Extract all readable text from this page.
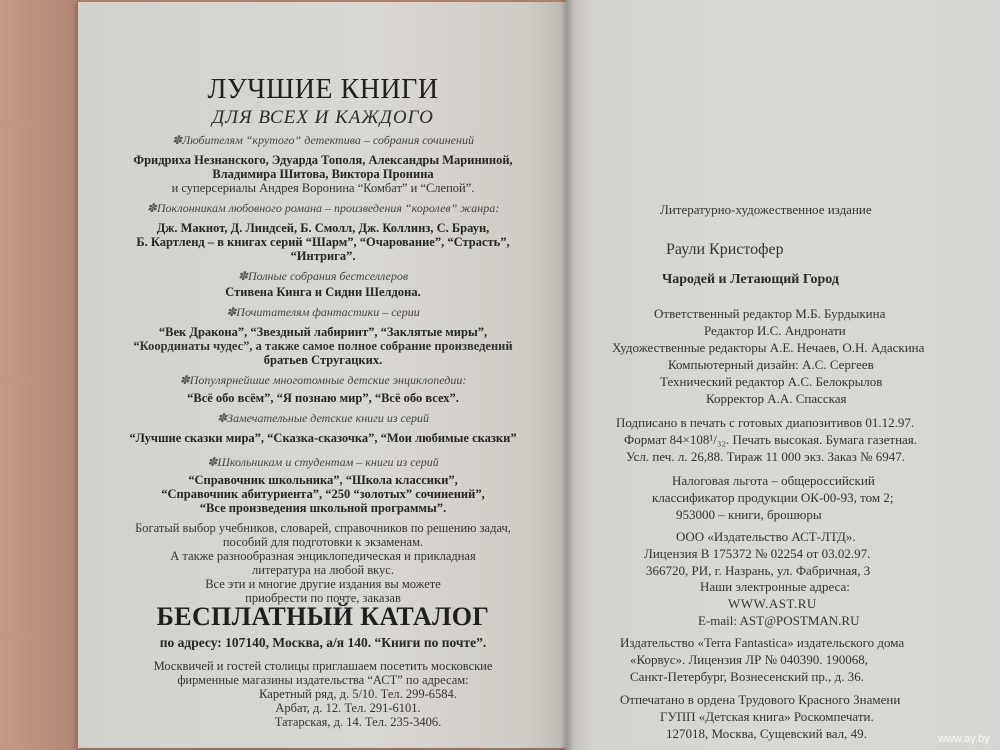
ЛУЧШИЕ КНИГИ
ДЛЯ ВСЕХ И КАЖДОГО
✽Любителям “крутого” детектива – собрания сочинений
Фридриха Незнанского, Эдуарда Тополя, Александры Марининой,
Владимира Шитова, Виктора Пронина
и суперсериалы Андрея Воронина “Комбат” и “Слепой”.
✽Поклонникам любовного романа – произведения “королев” жанра:
Дж. Макнот, Д. Линдсей, Б. Смолл, Дж. Коллинз, С. Браун,
Б. Картленд – в книгах серий “Шарм”, “Очарование”, “Страсть”,
“Интрига”.
✽Полные собрания бестселлеров
Стивена Кинга и Сидни Шелдона.
✽Почитателям фантастики – серии
“Век Дракона”, “Звездный лабиринт”, “Заклятые миры”,
“Координаты чудес”, а также самое полное собрание произведений
братьев Стругацких.
✽Популярнейшие многотомные детские энциклопедии:
“Всё обо всём”, “Я познаю мир”, “Всё обо всех”.
✽Замечательные детские книги из серий
“Лучшие сказки мира”, “Сказка-сказочка”, “Мои любимые сказки”
✽Школьникам и студентам – книги из серий
“Справочник школьника”, “Школа классики”,
“Справочник абитуриента”, “250 “золотых” сочинений”,
“Все произведения школьной программы”.
Богатый выбор учебников, словарей, справочников по решению задач,
пособий для подготовки к экзаменам.
А также разнообразная энциклопедическая и прикладная
литература на любой вкус.
Все эти и многие другие издания вы можете
приобрести по почте, заказав
БЕСПЛАТНЫЙ КАТАЛОГ
по адресу: 107140, Москва, а/я 140. “Книги по почте”.
Москвичей и гостей столицы приглашаем посетить московские
фирменные магазины издательства “АСТ” по адресам:
Каретный ряд, д. 5/10. Тел. 299-6584.
Арбат, д. 12. Тел. 291-6101.
Татарская, д. 14. Тел. 235-3406.
Литературно-художественное издание
Раули Кристофер
Чародей и Летающий Город
Ответственный редактор М.Б. Бурдыкина
Редактор И.С. Андронати
Художественные редакторы А.Е. Нечаев, О.Н. Адаскина
Компьютерный дизайн: А.С. Сергеев
Технический редактор А.С. Белокрылов
Корректор А.А. Спасская
Подписано в печать с готовых диапозитивов 01.12.97.
Формат 84×108¹/₃₂. Печать высокая. Бумага газетная.
Усл. печ. л. 26,88. Тираж 11 000 экз. Заказ № 6947.
Налоговая льгота – общероссийский
классификатор продукции ОК-00-93, том 2;
953000 – книги, брошюры
ООО «Издательство АСТ-ЛТД».
Лицензия В 175372 № 02254 от 03.02.97.
366720, РИ, г. Назрань, ул. Фабричная, 3
Наши электронные адреса:
WWW.AST.RU
E-mail: AST@POSTMAN.RU
Издательство «Terra Fantastica» издательского дома
«Корвус». Лицензия ЛР № 040390. 190068,
Санкт-Петербург, Вознесенский пр., д. 36.
Отпечатано в ордена Трудового Красного Знамени
ГУПП «Детская книга» Роскомпечати.
127018, Москва, Сущевский вал, 49.	www.ay.by
